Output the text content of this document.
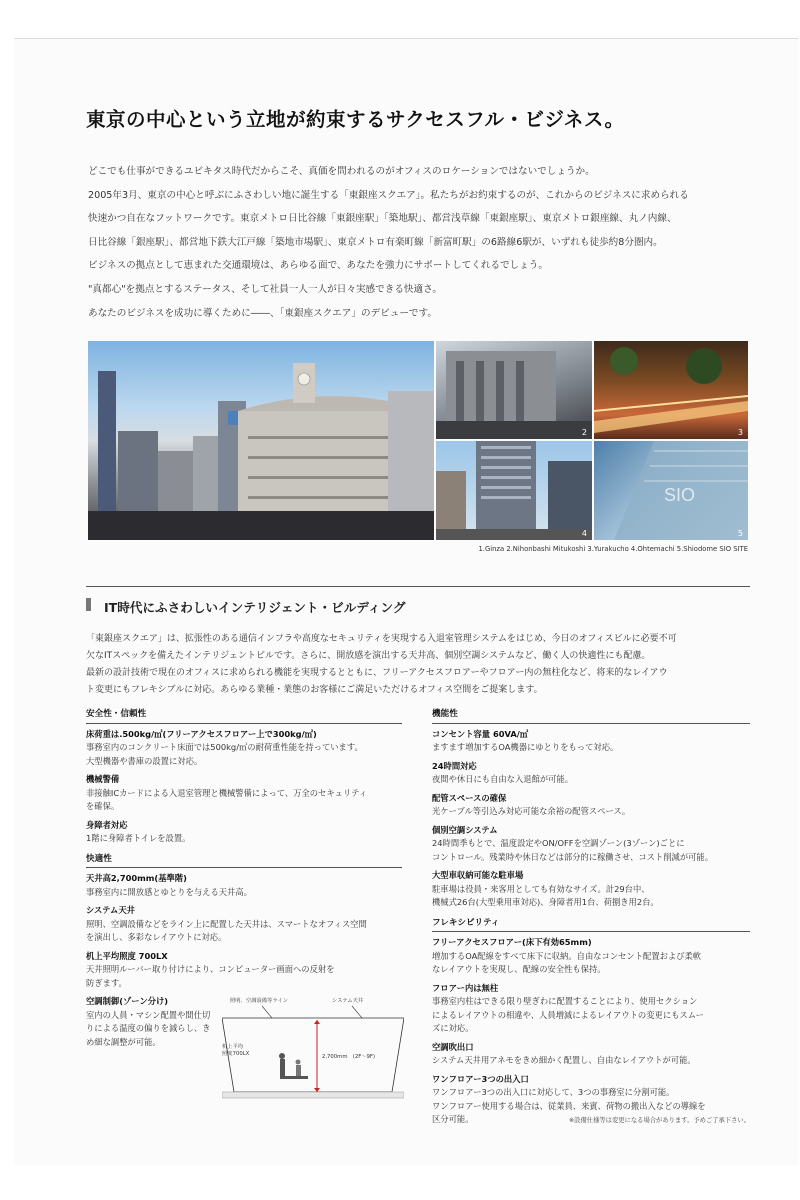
東京の中心という立地が約束するサクセスフル・ビジネス。
どこでも仕事ができるユビキタス時代だからこそ、真価を問われるのがオフィスのロケーションではないでしょうか。
2005年3月、東京の中心と呼ぶにふさわしい地に誕生する「東銀座スクエア」。私たちがお約束するのが、これからのビジネスに求められる
快速かつ自在なフットワークです。東京メトロ日比谷線「東銀座駅」「築地駅」、都営浅草線「東銀座駅」、東京メトロ銀座線、丸ノ内線、
日比谷線「銀座駅」、都営地下鉄大江戸線「築地市場駅」、東京メトロ有楽町線「新富町駅」の6路線6駅が、いずれも徒歩約8分圏内。
ビジネスの拠点として恵まれた交通環境は、あらゆる面で、あなたを強力にサポートしてくれるでしょう。
"真都心"を拠点とするステータス、そして社員一人一人が日々実感できる快適さ。
あなたのビジネスを成功に導くために――、「東銀座スクエア」のデビューです。
2	3
4
SIO
5
1.Ginza 2.Nihonbashi Mitukoshi 3.Yurakucho 4.Ohtemachi 5.Shiodome SIO SITE
IT時代にふさわしいインテリジェント・ビルディング
「東銀座スクエア」は、拡張性のある通信インフラや高度なセキュリティを実現する入退室管理システムをはじめ、今日のオフィスビルに必要不可
欠なITスペックを備えたインテリジェントビルです。さらに、開放感を演出する天井高、個別空調システムなど、働く人の快適性にも配慮。
最新の設計技術で現在のオフィスに求められる機能を実現するとともに、フリーアクセスフロアーやフロアー内の無柱化など、将来的なレイアウ
ト変更にもフレキシブルに対応。あらゆる業種・業態のお客様にご満足いただけるオフィス空間をご提案します。
安全性・信頼性
床荷重は.500kg/㎡(フリーアクセスフロアー上で300kg/㎡)
事務室内のコンクリート床面では500kg/㎡の耐荷重性能を持っています。
大型機器や書庫の設置に対応。
機械警備
非接触ICカードによる入退室管理と機械警備によって、万全のセキュリティ
を確保。
身障者対応
1階に身障者トイレを設置。
快適性
天井高2,700mm(基準階)
事務室内に開放感とゆとりを与える天井高。
システム天井
照明、空調設備などをライン上に配置した天井は、スマートなオフィス空間
を演出し、多彩なレイアウトに対応。
机上平均照度 700LX
天井照明ルーバー取り付けにより、コンピューター画面への反射を
防ぎます。
空調制御(ゾーン分け)
室内の人員・マシン配置や間仕切
りによる温度の偏りを減らし、き
め細な調整が可能。
照明、空調設備等ライン	システム天井
机上平均
照度700LX	2,700mm　(2F〜9F)
機能性
コンセント容量 60VA/㎡
ますます増加するOA機器にゆとりをもって対応。
24時間対応
夜間や休日にも自由な入退館が可能。
配管スペースの確保
光ケーブル等引込み対応可能な余裕の配管スペース。
個別空調システム
24時間季もとで、温度設定やON/OFFを空調ゾーン(3ゾーン)ごとに
コントロール。残業時や休日などは部分的に稼働させ、コスト削減が可能。
大型車収納可能な駐車場
駐車場は役員・来客用としても有効なサイズ。計29台中、
機械式26台(大型乗用車対応)、身障者用1台、荷捌き用2台。
フレキシビリティ
フリーアクセスフロアー(床下有効65mm)
増加するOA配線をすべて床下に収納。自由なコンセント配置および柔軟
なレイアウトを実現し、配線の安全性も保持。
フロアー内は無柱
事務室内柱はできる限り壁ぎわに配置することにより、使用セクション
によるレイアウトの相違や、人員増減によるレイアウトの変更にもスムー
ズに対応。
空調吹出口
システム天井用アネモをきめ細かく配置し、自由なレイアウトが可能。
ワンフロアー3つの出入口
ワンフロアー3つの出入口に対応して、3つの事務室に分割可能。
ワンフロアー使用する場合は、従業員、来賓、荷物の搬出入などの導線を
区分可能。	※設備仕様等は変更になる場合があります。予めご了承下さい。
